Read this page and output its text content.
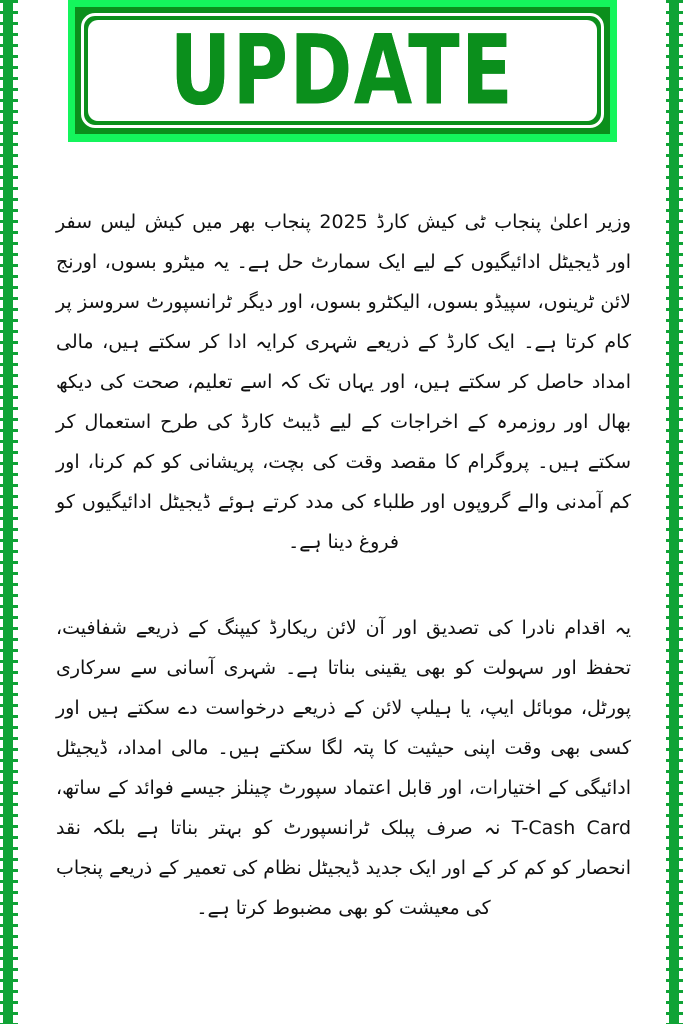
UPDATE

وزیر اعلیٰ پنجاب ٹی کیش کارڈ 2025 پنجاب بھر میں کیش لیس سفر اور ڈیجیٹل ادائیگیوں کے لیے ایک سمارٹ حل ہے۔ یہ میٹرو بسوں، اورنج لائن ٹرینوں، سپیڈو بسوں، الیکٹرو بسوں، اور دیگر ٹرانسپورٹ سروسز پر کام کرتا ہے۔ ایک کارڈ کے ذریعے شہری کرایہ ادا کر سکتے ہیں، مالی امداد حاصل کر سکتے ہیں، اور یہاں تک کہ اسے تعلیم، صحت کی دیکھ بھال اور روزمرہ کے اخراجات کے لیے ڈیبٹ کارڈ کی طرح استعمال کر سکتے ہیں۔ پروگرام کا مقصد وقت کی بچت، پریشانی کو کم کرنا، اور کم آمدنی والے گروپوں اور طلباء کی مدد کرتے ہوئے ڈیجیٹل ادائیگیوں کو فروغ دینا ہے۔

یہ اقدام نادرا کی تصدیق اور آن لائن ریکارڈ کیپنگ کے ذریعے شفافیت، تحفظ اور سہولت کو بھی یقینی بناتا ہے۔ شہری آسانی سے سرکاری پورٹل، موبائل ایپ، یا ہیلپ لائن کے ذریعے درخواست دے سکتے ہیں اور کسی بھی وقت اپنی حیثیت کا پتہ لگا سکتے ہیں۔ مالی امداد، ڈیجیٹل ادائیگی کے اختیارات، اور قابل اعتماد سپورٹ چینلز جیسے فوائد کے ساتھ، T-Cash Card نہ صرف پبلک ٹرانسپورٹ کو بہتر بناتا ہے بلکہ نقد انحصار کو کم کر کے اور ایک جدید ڈیجیٹل نظام کی تعمیر کے ذریعے پنجاب کی معیشت کو بھی مضبوط کرتا ہے۔
